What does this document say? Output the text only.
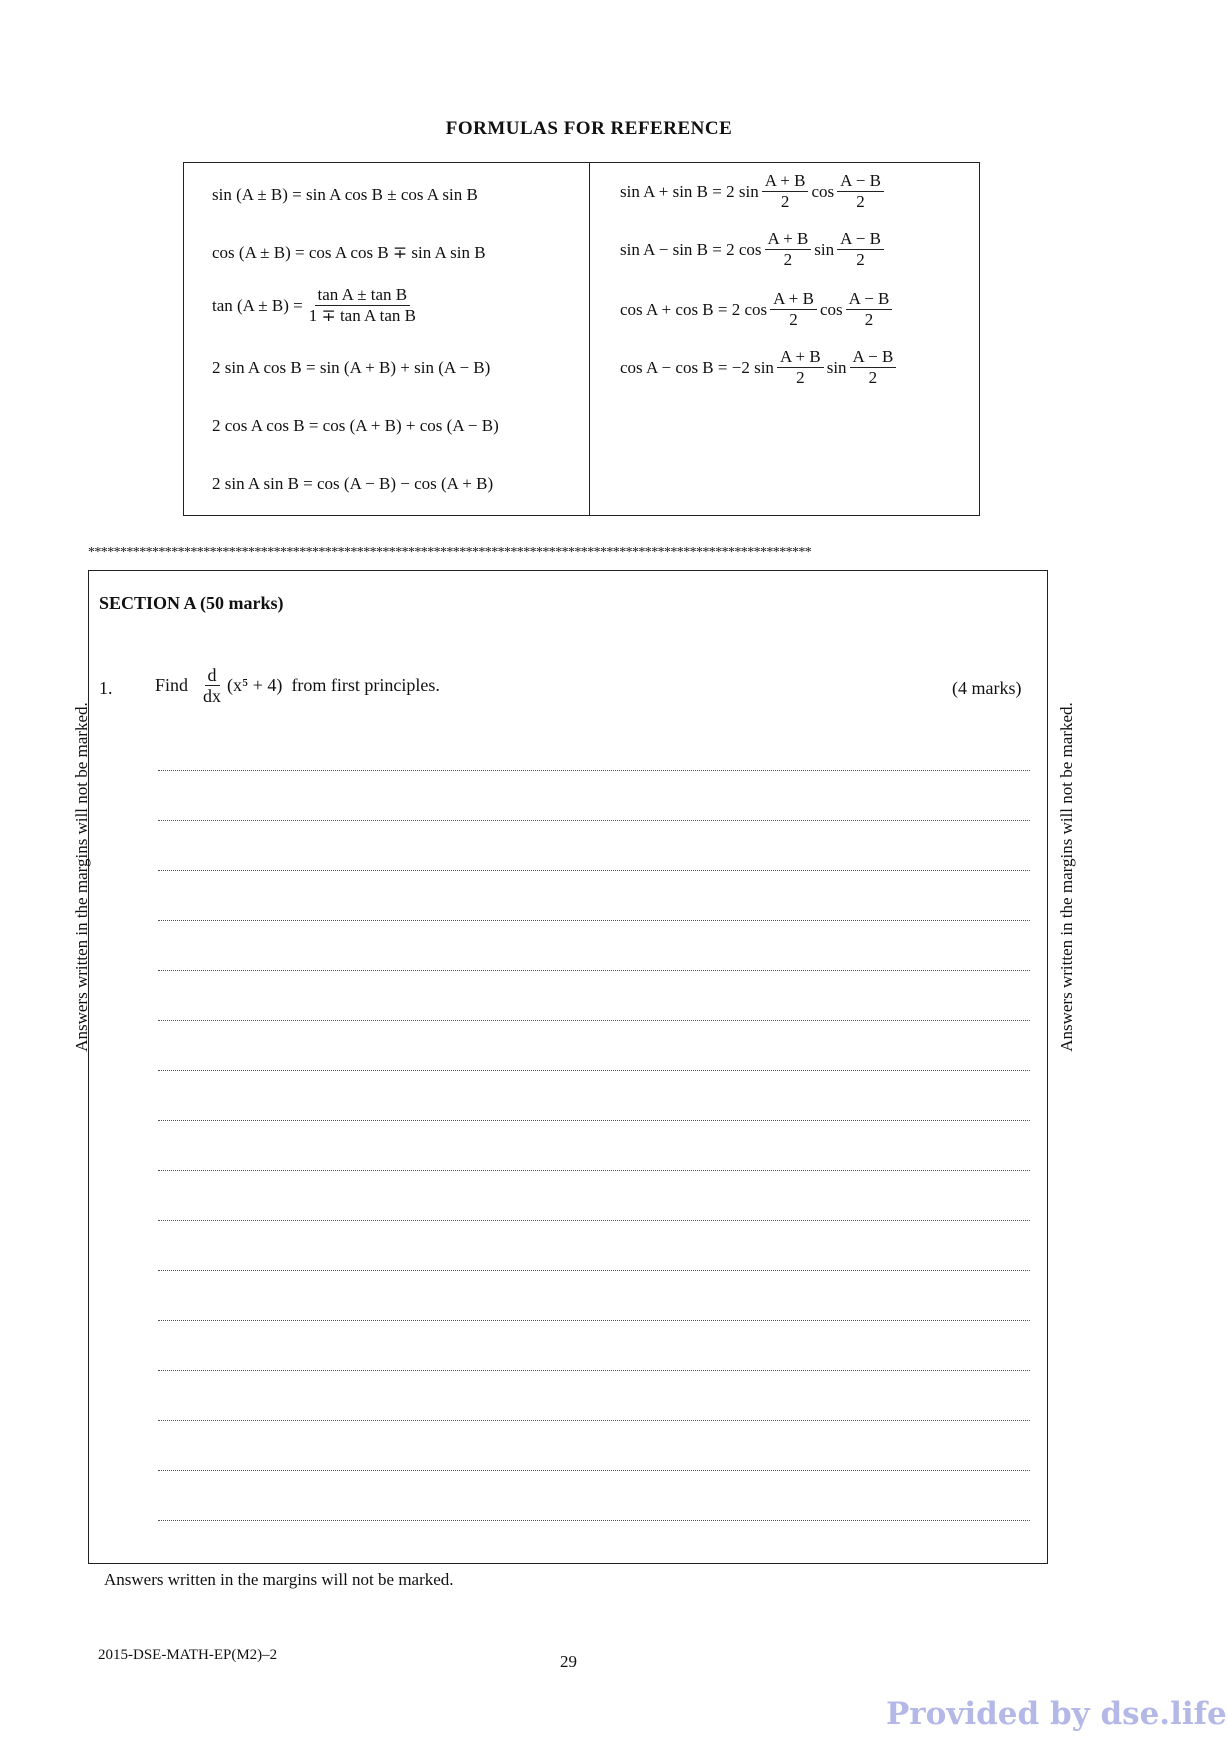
FORMULAS FOR REFERENCE
sin (A ± B) = sin A cos B ± cos A sin B
cos (A ± B) = cos A cos B ∓ sin A sin B
$\tan (A \pm B) = \frac{\text{tan A ± tan B}}{\text{1 ∓ tan A tan B}}$
2 sin A cos B = sin (A + B) + sin (A − B)
2 cos A cos B = cos (A + B) + cos (A − B)
2 sin A sin B = cos (A − B) − cos (A + B)
sin A + sin B = 2 $\sin \frac{A + B}{2}$ $\cos \frac{A - B}{2}$
sin A − sin B = 2 $\cos \frac{A + B}{2}$ $\sin \frac{A - B}{2}$
cos A + cos B = 2 $\cos \frac{A + B}{2}$ $\cos \frac{A - B}{2}$
cos A − cos B = −2 $\sin \frac{A + B}{2}$ $\sin \frac{A - B}{2}$
*****************************************************************************************************************
SECTION A (50 marks)
1. Find
$\frac{d}{dx} (x^5 + 4)$
from first principles.	(4 marks)
Answers written in the margins will not be marked.	Answers written in the margins will not be marked.
Answers written in the margins will not be marked.
2015-DSE-MATH-EP(M2)–2	29
Provided by dse.life
